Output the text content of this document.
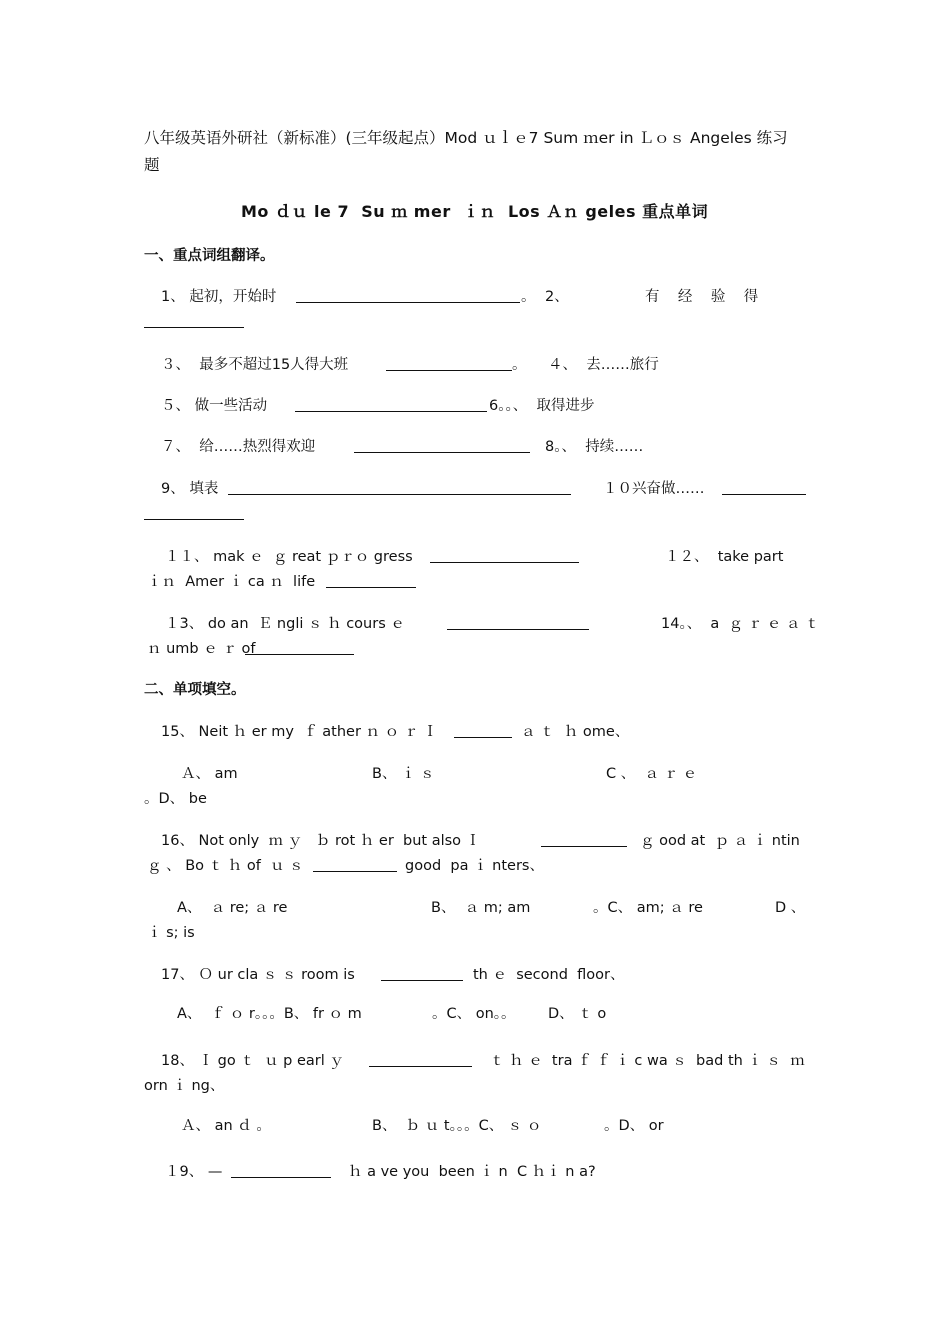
八年级英语外研社（新标准）(三年级起点）Mod ｕｌｅ7 Sum ｍer in Ｌｏｓ Angeles 练习
题
Mo ｄｕ le 7  Su ｍ mer  ｉｎ  Los Ａｎ geles 重点单词
一、重点词组翻译。
1、 起初，开始时	。 2、	有    经    验    得
３、  最多不超过15人得大班	。 ４、  去……旅行
５、 做一些活动	6。。、  取得进步
７、  给……热烈得欢迎	8。、  持续……
9、 填表	１０兴奋做……
１１、 mak ｅ  ｇ reat ｐｒｏ gress	１２、  take part
ｉｎ  Amer ｉ ca ｎ  life
１3、 do an  Ｅ ngli ｓ ｈ cours ｅ	14。、  a  ｇ ｒ ｅ ａ ｔ
ｎ umb ｅ ｒ of
二、单项填空。
15、 Neit ｈ er my  ｆ ather ｎ ｏ ｒ Ｉ	ａ ｔ  ｈ ome、
Ａ、 am	B、 ｉ ｓ	C 、  ａ ｒ ｅ
。D、 be
16、 Not only  ｍ ｙ   ｂ rot ｈ er  but also Ｉ	ｇ ood at  ｐ ａ ｉ ntin
ｇ 、 Bo ｔ ｈ of  ｕ ｓ	good  pa ｉ nters、
A、  ａ re; ａ re	B、  ａ m; am	。C、 am; ａ re	D 、
ｉ s; is
17、 Ｏ ur cla ｓ ｓ room is	th ｅ  second  floor、
A、  ｆ ｏ r。。。B、 fr ｏ m	。C、 on。。 D、 ｔ o
18、 Ｉ go ｔ  ｕ p earl ｙ	ｔ ｈ ｅ  tra ｆ ｆ ｉ c wa ｓ  bad th ｉ ｓ  ｍ
orn ｉ ng、
Ａ、 an ｄ 。	B、  ｂ ｕ t。。。C、 ｓ ｏ	。D、 or
１9、 —	ｈ a ve you  been ｉ n  C ｈｉ n a?
